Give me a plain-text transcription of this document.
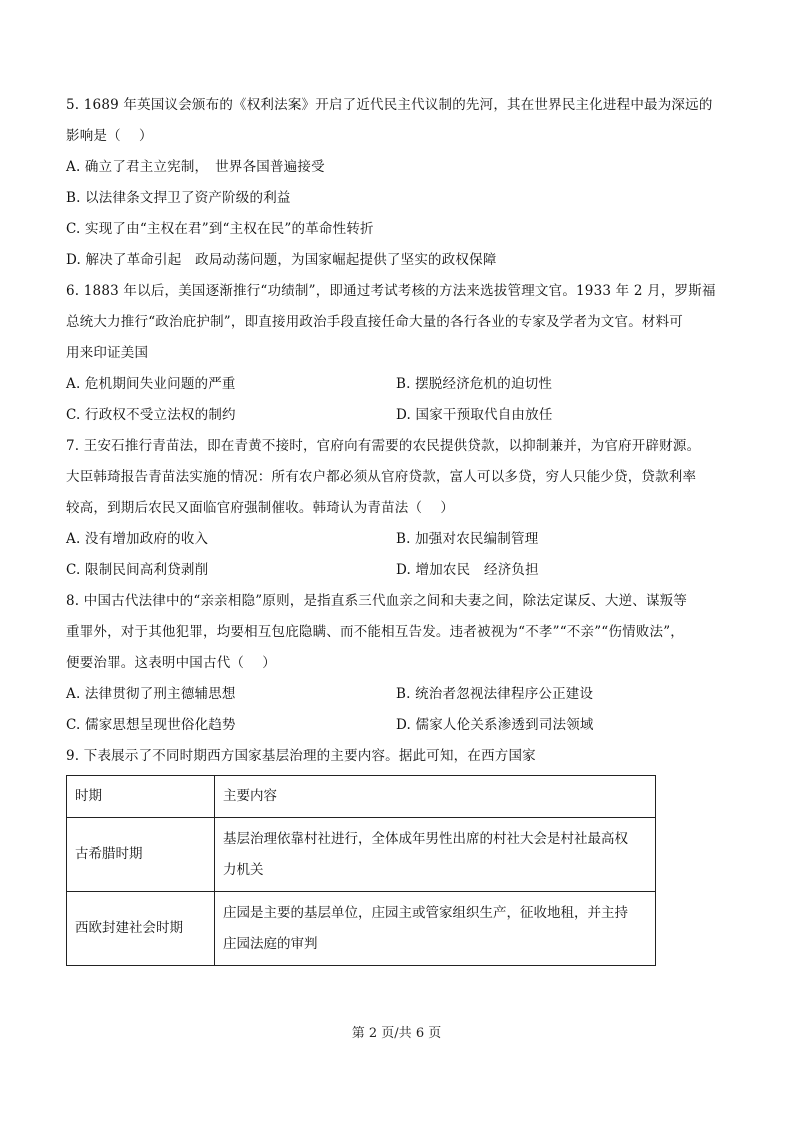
5. 1689 年英国议会颁布的《权利法案》开启了近代民主代议制的先河，其在世界民主化进程中最为深远的
影响是（　 ）
A. 确立了君主立宪制，　世界各国普遍接受
B. 以法律条文捍卫了资产阶级的利益
C. 实现了由“主权在君”到“主权在民”的革命性转折
D. 解决了革命引起　政局动荡问题，为国家崛起提供了坚实的政权保障
6. 1883 年以后，美国逐渐推行“功绩制”，即通过考试考核的方法来选拔管理文官。1933 年 2 月，罗斯福
总统大力推行“政治庇护制”，即直接用政治手段直接任命大量的各行各业的专家及学者为文官。材料可
用来印证美国
A. 危机期间失业问题的严重	B. 摆脱经济危机的迫切性
C. 行政权不受立法权的制约	D. 国家干预取代自由放任
7. 王安石推行青苗法，即在青黄不接时，官府向有需要的农民提供贷款，以抑制兼并，为官府开辟财源。
大臣韩琦报告青苗法实施的情况：所有农户都必须从官府贷款，富人可以多贷，穷人只能少贷，贷款利率
较高，到期后农民又面临官府强制催收。韩琦认为青苗法（　 ）
A. 没有增加政府的收入	B. 加强对农民编制管理
C. 限制民间高利贷剥削	D. 增加农民　经济负担
8. 中国古代法律中的“亲亲相隐”原则，是指直系三代血亲之间和夫妻之间，除法定谋反、大逆、谋叛等
重罪外，对于其他犯罪，均要相互包庇隐瞒、而不能相互告发。违者被视为“不孝”“不亲”“伤情败法”，
便要治罪。这表明中国古代（　 ）
A. 法律贯彻了刑主德辅思想	B. 统治者忽视法律程序公正建设
C. 儒家思想呈现世俗化趋势	D. 儒家人伦关系渗透到司法领域
9. 下表展示了不同时期西方国家基层治理的主要内容。据此可知，在西方国家
时期	主要内容
古希腊时期	基层治理依靠村社进行，全体成年男性出席的村社大会是村社最高权
力机关

西欧封建社会时期	庄园是主要的基层单位，庄园主或管家组织生产，征收地租，并主持
庄园法庭的审判
第 2 页/共 6 页
